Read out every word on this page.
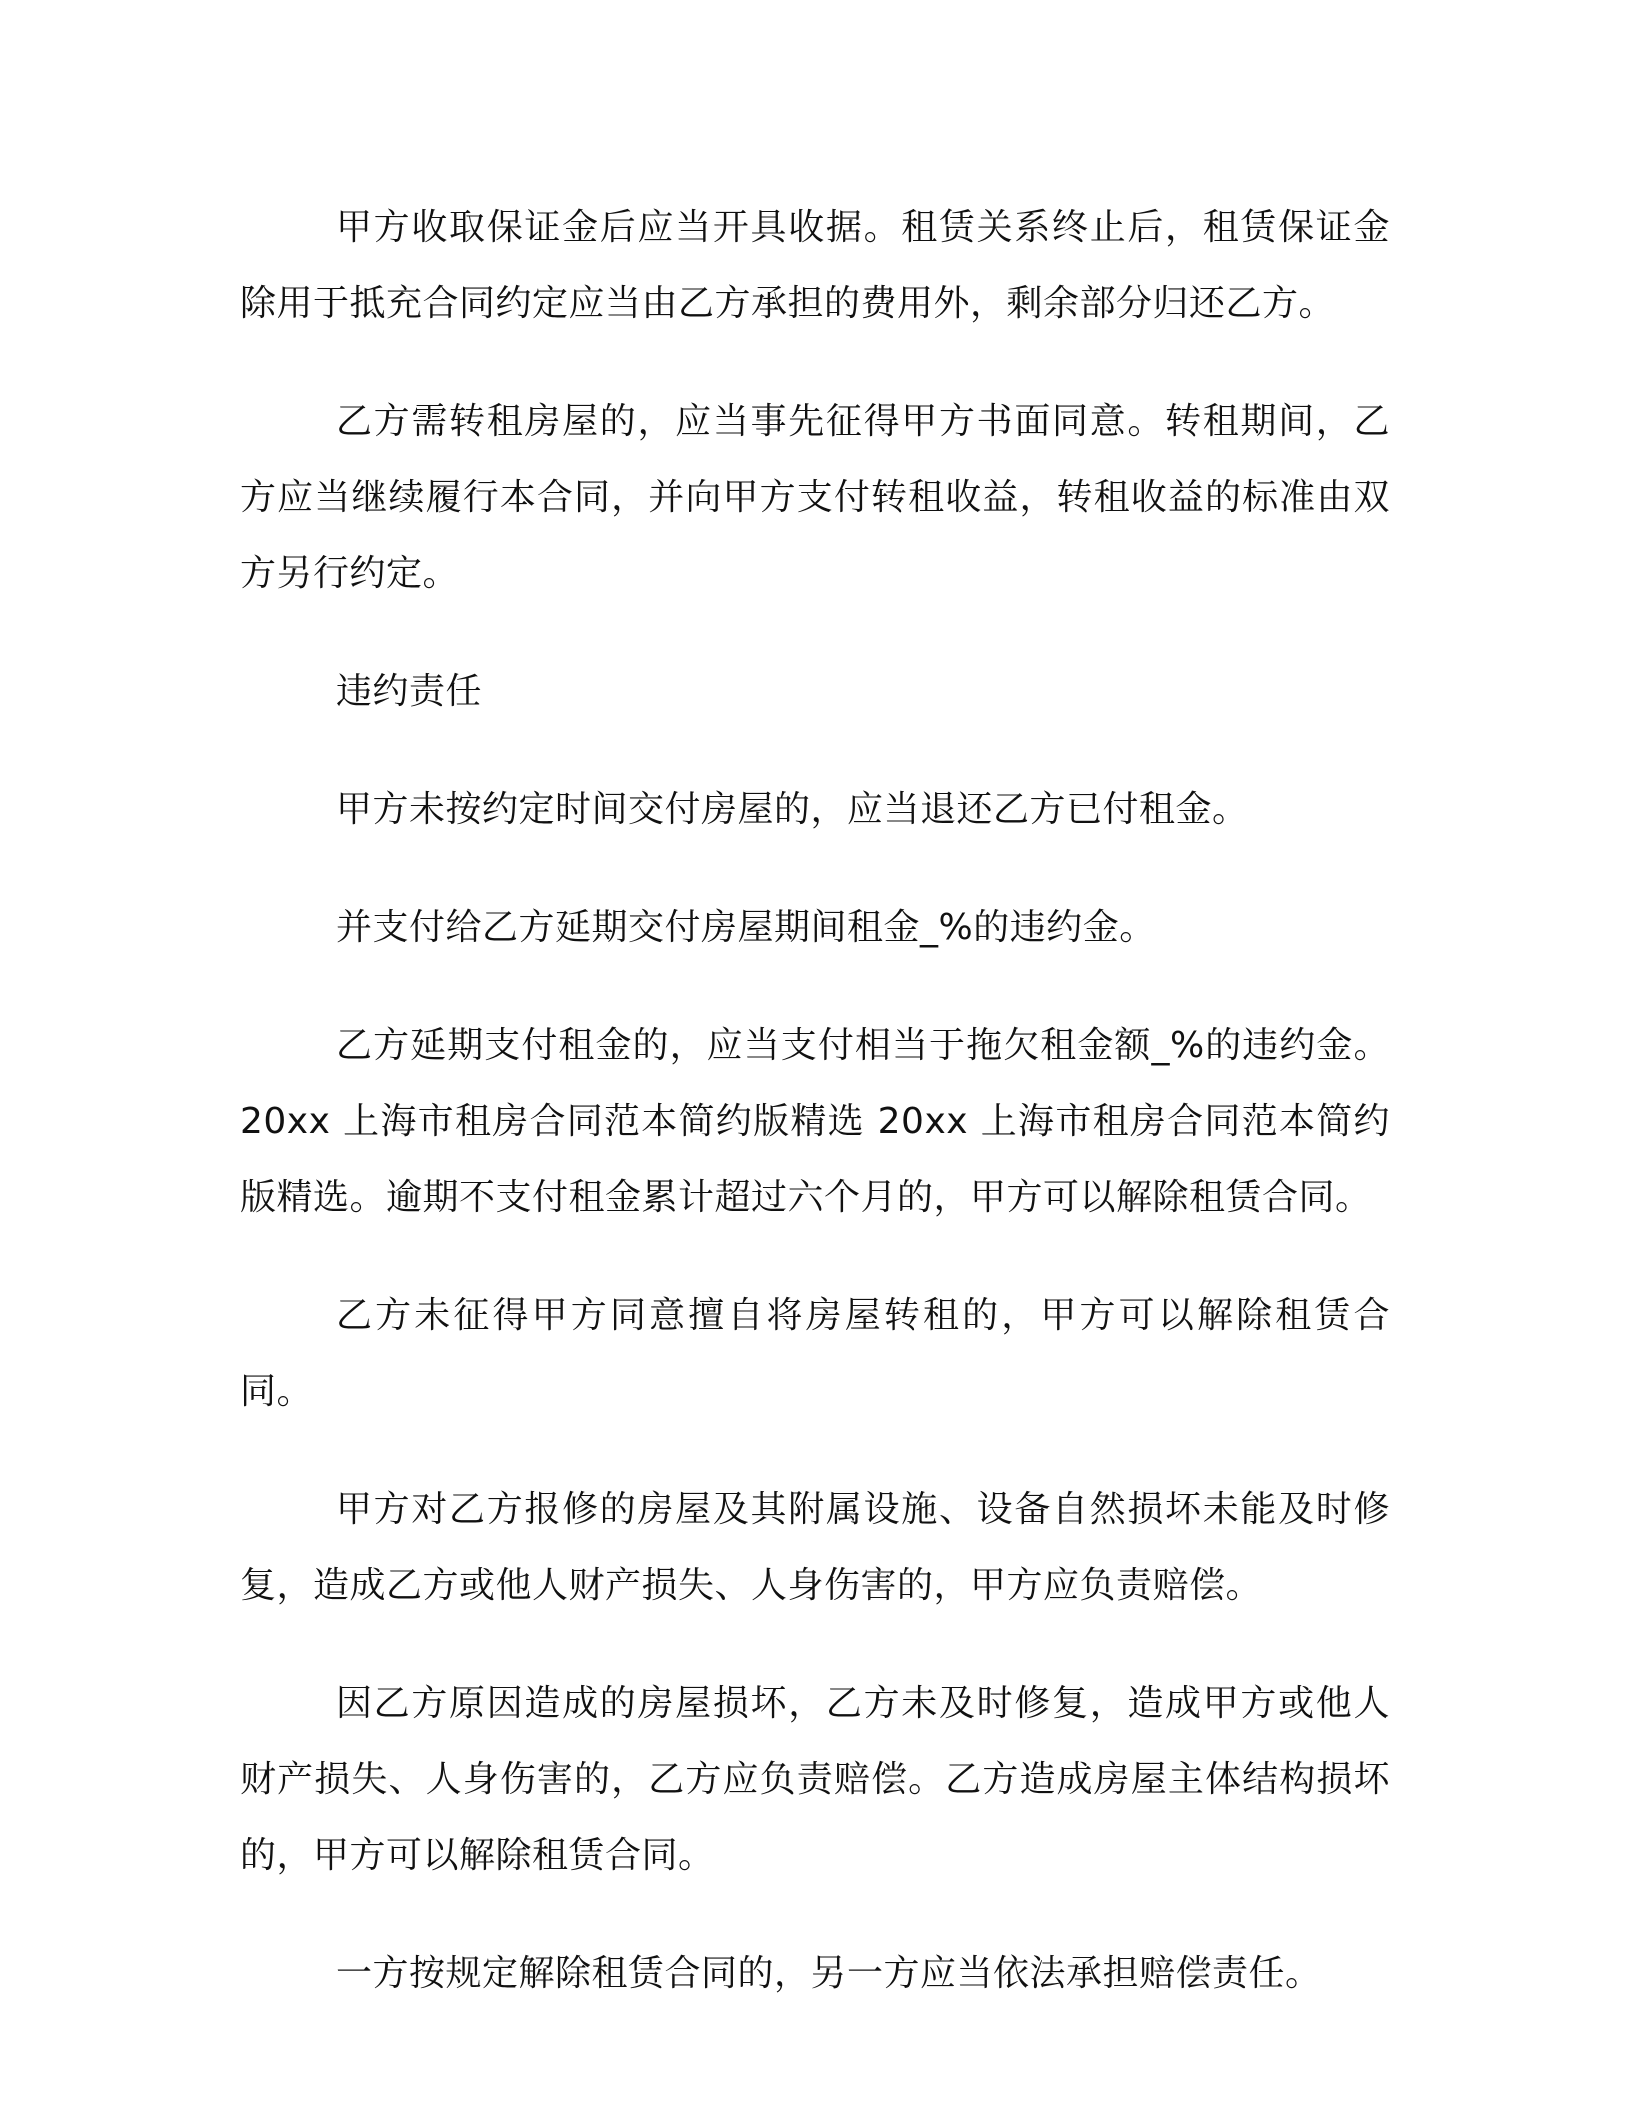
甲方收取保证金后应当开具收据。租赁关系终止后，租赁保证金除用于抵充合同约定应当由乙方承担的费用外，剩余部分归还乙方。

乙方需转租房屋的，应当事先征得甲方书面同意。转租期间，乙方应当继续履行本合同，并向甲方支付转租收益，转租收益的标准由双方另行约定。

违约责任

甲方未按约定时间交付房屋的，应当退还乙方已付租金。

并支付给乙方延期交付房屋期间租金_%的违约金。

乙方延期支付租金的，应当支付相当于拖欠租金额_%的违约金。20xx 上海市租房合同范本简约版精选 20xx 上海市租房合同范本简约版精选。逾期不支付租金累计超过六个月的，甲方可以解除租赁合同。

乙方未征得甲方同意擅自将房屋转租的，甲方可以解除租赁合同。

甲方对乙方报修的房屋及其附属设施、设备自然损坏未能及时修复，造成乙方或他人财产损失、人身伤害的，甲方应负责赔偿。

因乙方原因造成的房屋损坏，乙方未及时修复，造成甲方或他人财产损失、人身伤害的，乙方应负责赔偿。乙方造成房屋主体结构损坏的，甲方可以解除租赁合同。

一方按规定解除租赁合同的，另一方应当依法承担赔偿责任。
